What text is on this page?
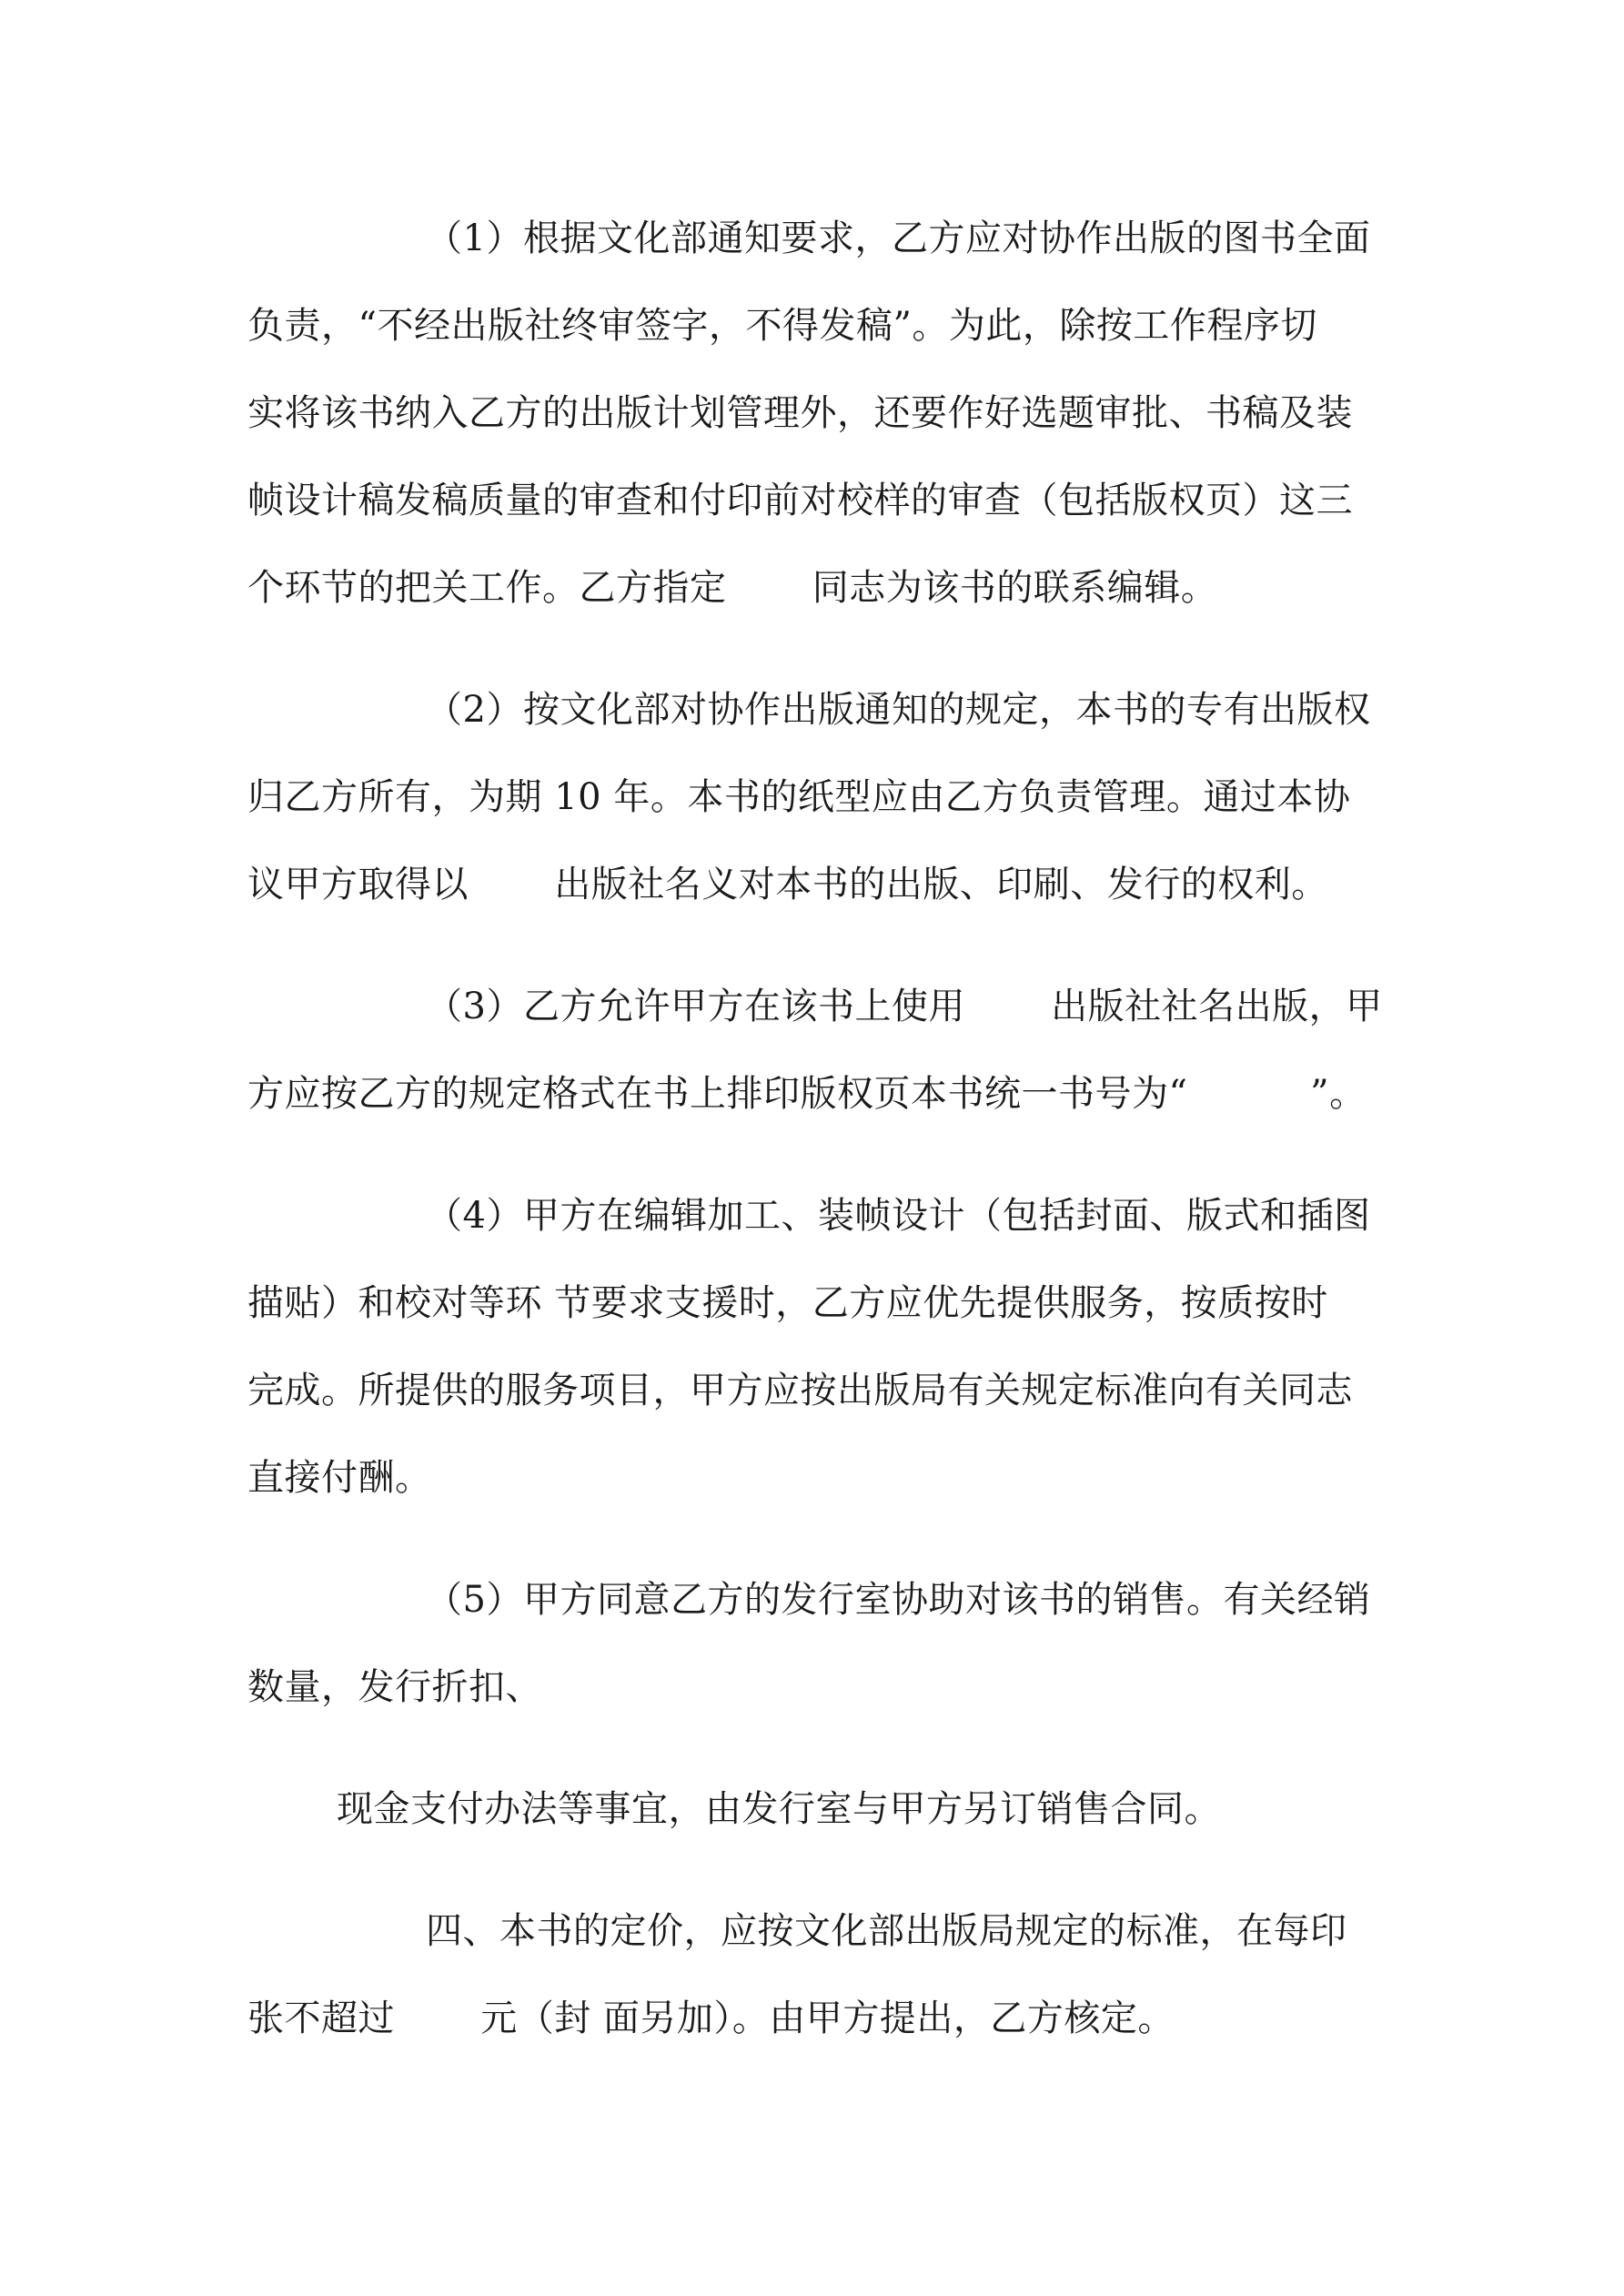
（1）根据文化部通知要求，乙方应对协作出版的图书全面
负责，“不经出版社终审签字，不得发稿”。为此，除按工作程序切
实将该书纳入乙方的出版计划管理外，还要作好选题审批、书稿及装
帧设计稿发稿质量的审查和付印前对校样的审查（包括版权页）这三
个环节的把关工作。乙方指定　　 同志为该书的联系编辑。
（2）按文化部对协作出版通知的规定，本书的专有出版权
归乙方所有，为期 10 年。本书的纸型应由乙方负责管理。通过本协
议甲方取得以　　 出版社名义对本书的出版、印刷、发行的权利。
（3）乙方允许甲方在该书上使用　　 出版社社名出版，甲
方应按乙方的规定格式在书上排印版权页本书统一书号为“　　　 ”。
（4）甲方在编辑加工、装帧设计（包括封面、版式和插图
描贴）和校对等环 节要求支援时，乙方应优先提供服务，按质按时
完成。所提供的服务项目，甲方应按出版局有关规定标准向有关同志
直接付酬。
（5）甲方同意乙方的发行室协助对该书的销售。有关经销
数量，发行折扣、
现金支付办法等事宜，由发行室与甲方另订销售合同。
四、本书的定价，应按文化部出版局规定的标准，在每印
张不超过　　 元（封 面另加）。由甲方提出，乙方核定。
